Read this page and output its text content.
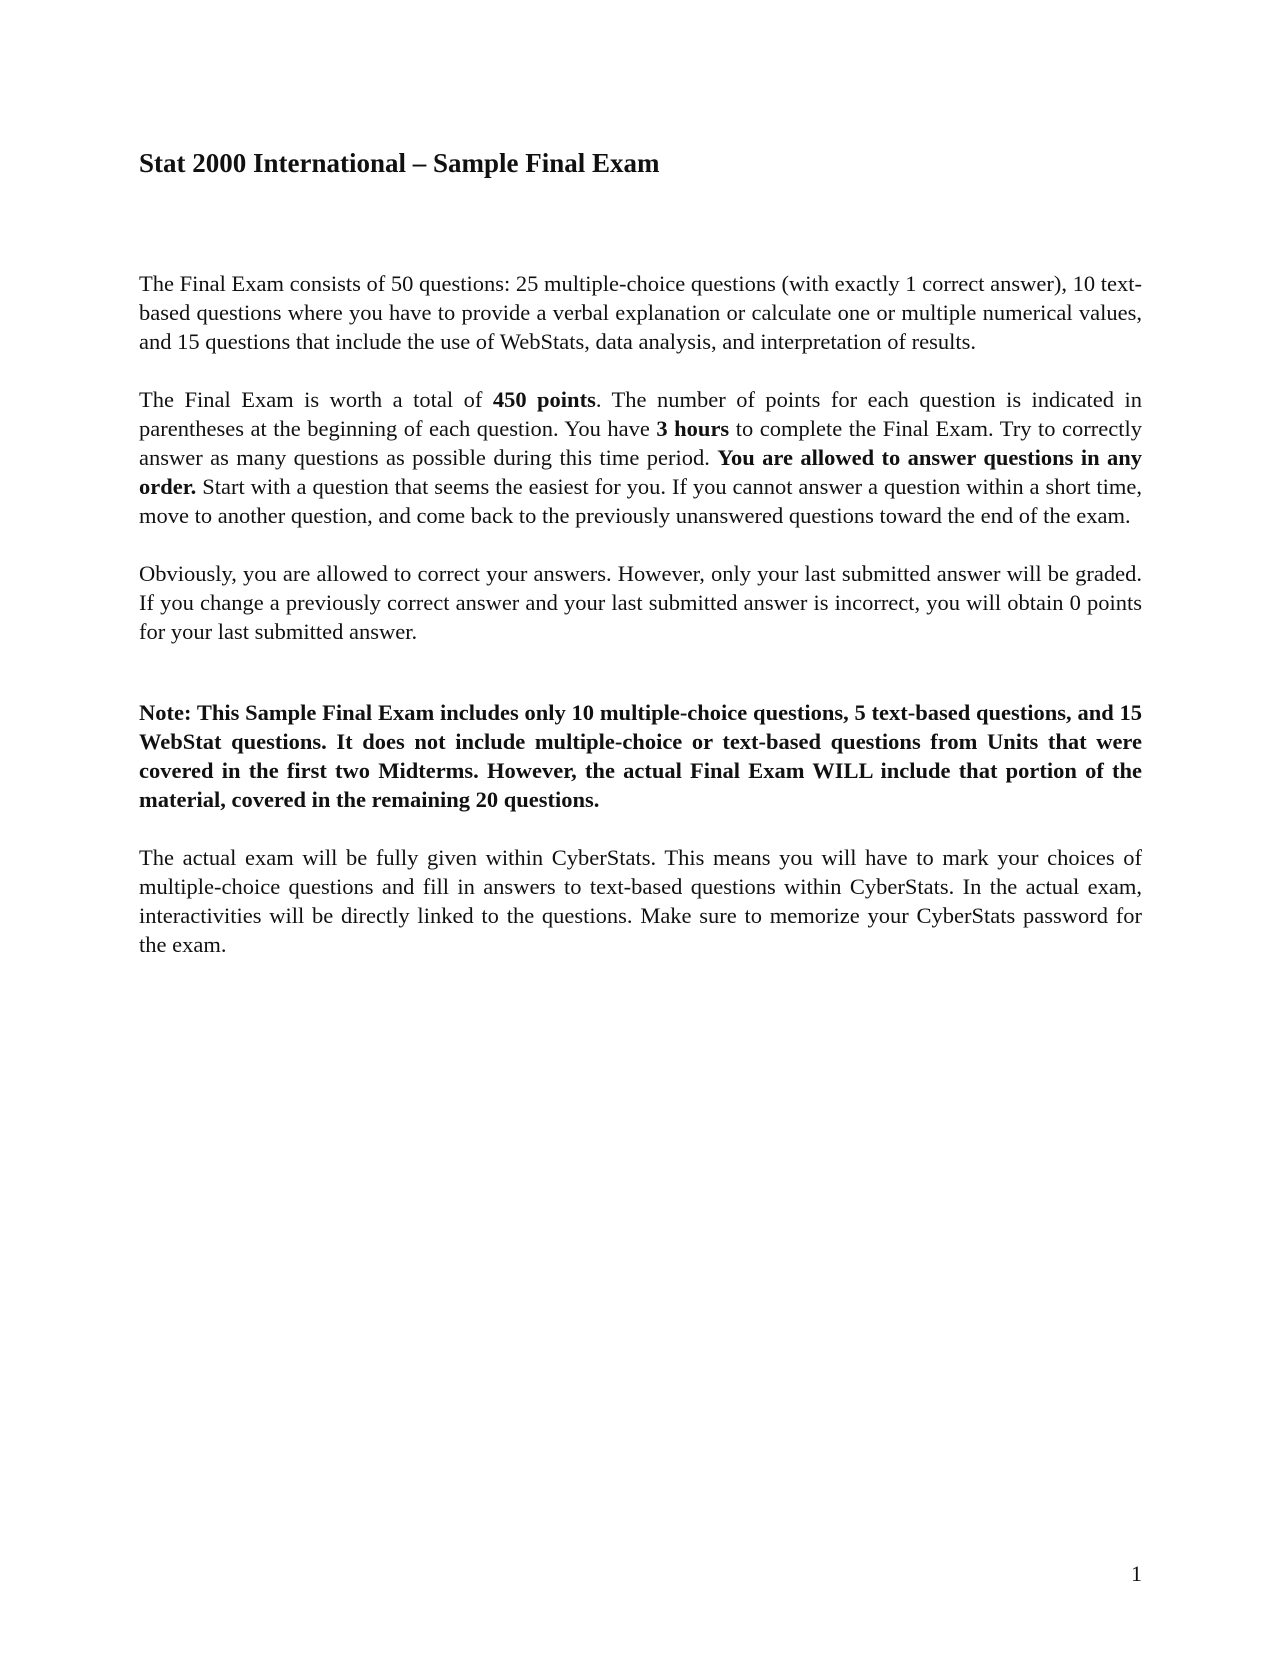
Stat 2000 International – Sample Final Exam

The Final Exam consists of 50 questions: 25 multiple-choice questions (with exactly 1 correct answer), 10 text-based questions where you have to provide a verbal explanation or calculate one or multiple numerical values, and 15 questions that include the use of WebStats, data analysis, and interpretation of results.

The Final Exam is worth a total of 450 points. The number of points for each question is indicated in parentheses at the beginning of each question. You have 3 hours to complete the Final Exam. Try to correctly answer as many questions as possible during this time period. You are allowed to answer questions in any order. Start with a question that seems the easiest for you. If you cannot answer a question within a short time, move to another question, and come back to the previously unanswered questions toward the end of the exam.

Obviously, you are allowed to correct your answers. However, only your last submitted answer will be graded. If you change a previously correct answer and your last submitted answer is incorrect, you will obtain 0 points for your last submitted answer.

Note: This Sample Final Exam includes only 10 multiple-choice questions, 5 text-based questions, and 15 WebStat questions. It does not include multiple-choice or text-based questions from Units that were covered in the first two Midterms. However, the actual Final Exam WILL include that portion of the material, covered in the remaining 20 questions.

The actual exam will be fully given within CyberStats. This means you will have to mark your choices of multiple-choice questions and fill in answers to text-based questions within CyberStats. In the actual exam, interactivities will be directly linked to the questions. Make sure to memorize your CyberStats password for the exam.

1
